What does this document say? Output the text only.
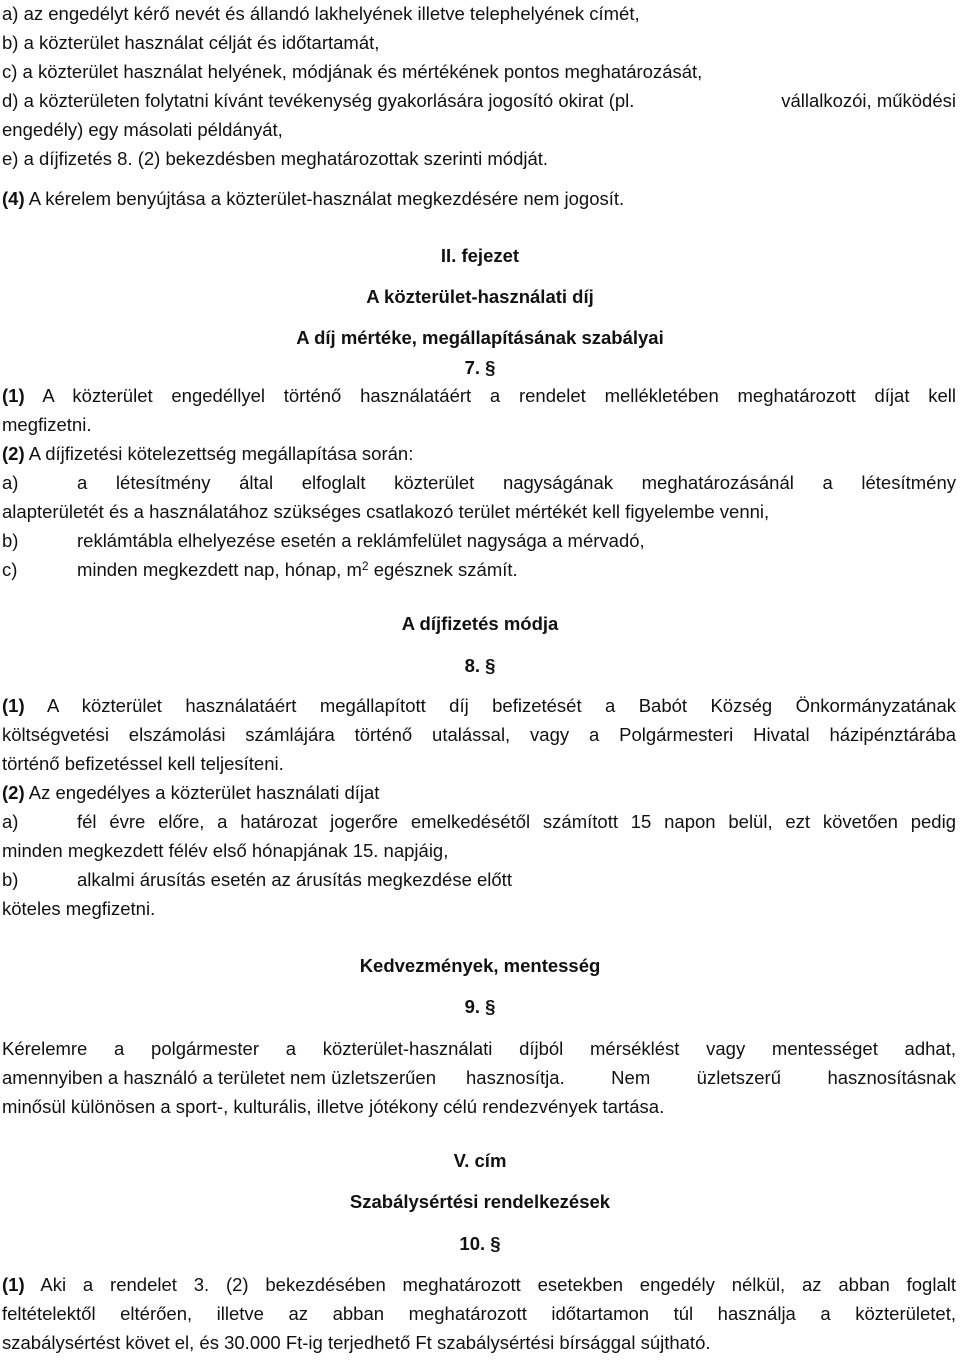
a) az engedélyt kérő nevét és állandó lakhelyének illetve telephelyének címét,
b) a közterület használat célját és időtartamát,
c) a közterület használat helyének, módjának és mértékének pontos meghatározását,
d) a közterületen folytatni kívánt tevékenység gyakorlására jogosító okirat (pl.	vállalkozói, működési
engedély) egy másolati példányát,
e) a díjfizetés 8. (2) bekezdésben meghatározottak szerinti módját.
(4) A kérelem benyújtása a közterület-használat megkezdésére nem jogosít.
II. fejezet
A közterület-használati díj
A díj mértéke, megállapításának szabályai
7. §
(1) A közterület engedéllyel történő használatáért a rendelet mellékletében meghatározott díjat kell
megfizetni.
(2) A díjfizetési kötelezettség megállapítása során:
a)	a létesítmény által elfoglalt közterület nagyságának meghatározásánál a létesítmény
alapterületét és a használatához szükséges csatlakozó terület mértékét kell figyelembe venni,
b)	reklámtábla elhelyezése esetén a reklámfelület nagysága a mérvadó,
c)	minden megkezdett nap, hónap, $m^2$ egésznek számít.
A díjfizetés módja
8. §
(1) A közterület használatáért megállapított díj befizetését a Babót Község Önkormányzatának
költségvetési elszámolási számlájára történő utalással, vagy a Polgármesteri Hivatal házipénztárába
történő befizetéssel kell teljesíteni.
(2) Az engedélyes a közterület használati díjat
a)	fél évre előre, a határozat jogerőre emelkedésétől számított 15 napon belül, ezt követően pedig
minden megkezdett félév első hónapjának 15. napjáig,
b)	alkalmi árusítás esetén az árusítás megkezdése előtt
köteles megfizetni.
Kedvezmények, mentesség
9. §
Kérelemre a polgármester a közterület-használati díjból mérséklést vagy mentességet adhat,
amennyiben a használó a területet nem üzletszerűen hasznosítja. Nem üzletszerű hasznosításnak
minősül különösen a sport-, kulturális, illetve jótékony célú rendezvények tartása.
V. cím
Szabálysértési rendelkezések
10. §
(1) Aki a rendelet 3. (2) bekezdésében meghatározott esetekben engedély nélkül, az abban foglalt
feltételektől eltérően, illetve az abban meghatározott időtartamon túl használja a közterületet,
szabálysértést követ el, és 30.000 Ft-ig terjedhető Ft szabálysértési bírsággal sújtható.
